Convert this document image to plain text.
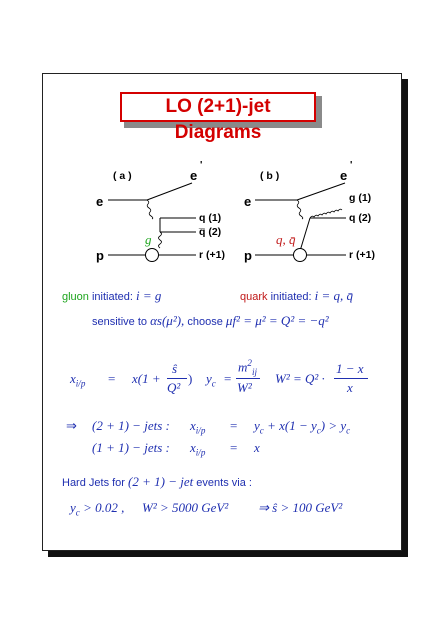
LO (2+1)-jet Diagrams
( a )
e
e
'
q (1)
q̅ (2)
g
p	r (+1)
( b )
e
e
'
g (1)
q (2)
q, q̄
p	r (+1)
gluon initiated: i = g	quark initiated: i = q, q̄
sensitive to αs(μ²), choose μf² = μ² = Q² = −q²
$x_{i/p} = x(1$ +
ŝ
Q²
) $y_c$ =
$m^2_{ij}$
W²
W² = Q² ·
1 − x
x
⇒ (2 + 1) − jets : $x_{i/p} = y_c + x(1 - y_c) > y_c$
(1 + 1) − jets : $x_{i/p} = x$
Hard Jets for (2 + 1) − jet events via :
$y_c > 0.02$ , W² > 5000 GeV² ⇒ ŝ > 100 GeV²
